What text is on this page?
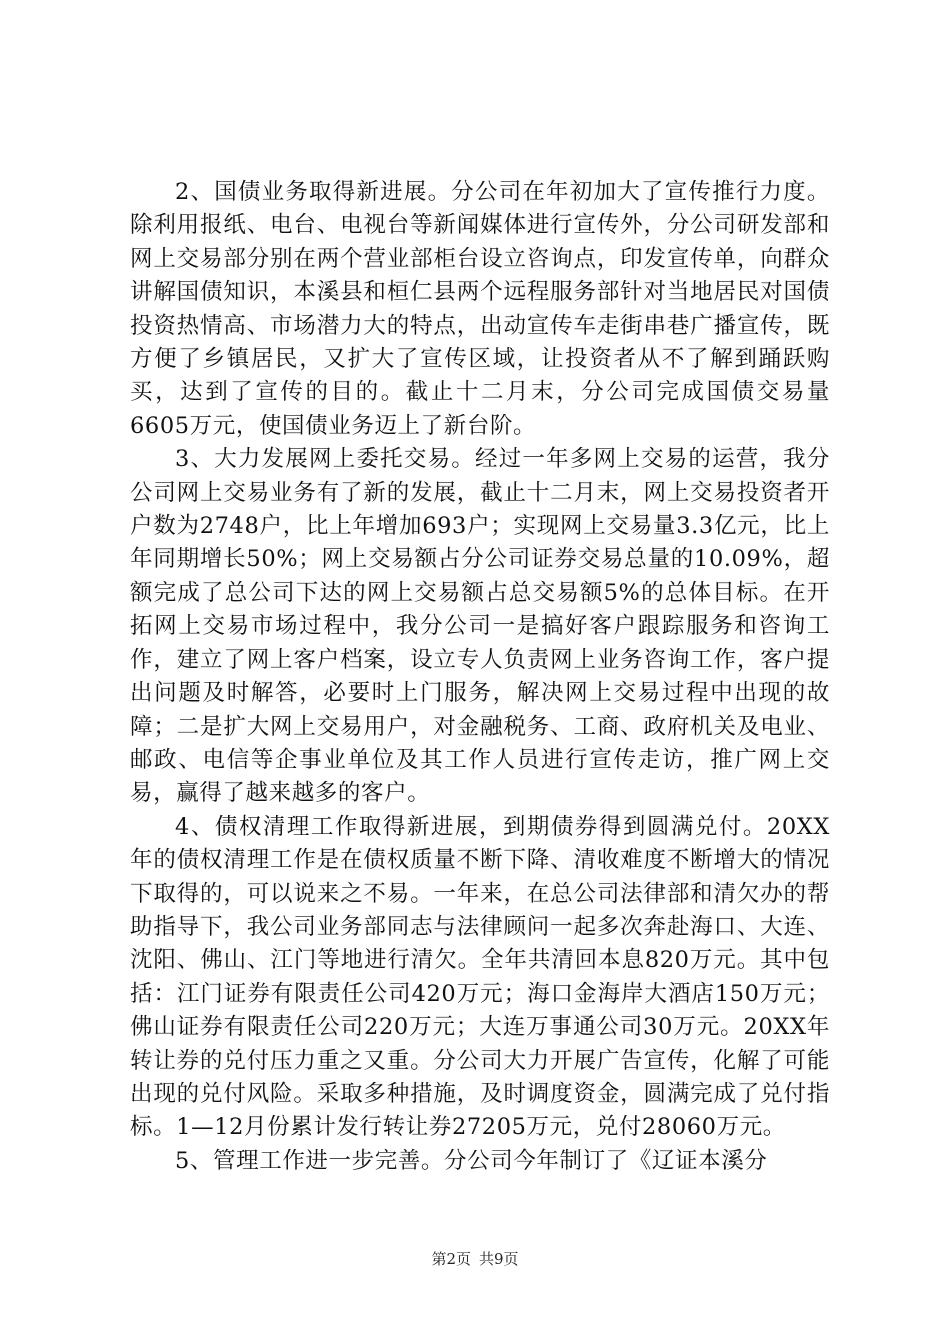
2、国债业务取得新进展。分公司在年初加大了宣传推行力度。除利用报纸、电台、电视台等新闻媒体进行宣传外，分公司研发部和网上交易部分别在两个营业部柜台设立咨询点，印发宣传单，向群众讲解国债知识，本溪县和桓仁县两个远程服务部针对当地居民对国债投资热情高、市场潜力大的特点，出动宣传车走街串巷广播宣传，既方便了乡镇居民，又扩大了宣传区域，让投资者从不了解到踊跃购买，达到了宣传的目的。截止十二月末，分公司完成国债交易量6605万元，使国债业务迈上了新台阶。

3、大力发展网上委托交易。经过一年多网上交易的运营，我分公司网上交易业务有了新的发展，截止十二月末，网上交易投资者开户数为2748户，比上年增加693户；实现网上交易量3.3亿元，比上年同期增长50%；网上交易额占分公司证券交易总量的10.09%，超额完成了总公司下达的网上交易额占总交易额5%的总体目标。在开拓网上交易市场过程中，我分公司一是搞好客户跟踪服务和咨询工作，建立了网上客户档案，设立专人负责网上业务咨询工作，客户提出问题及时解答，必要时上门服务，解决网上交易过程中出现的故障；二是扩大网上交易用户，对金融税务、工商、政府机关及电业、邮政、电信等企事业单位及其工作人员进行宣传走访，推广网上交易，赢得了越来越多的客户。

4、债权清理工作取得新进展，到期债券得到圆满兑付。20XX年的债权清理工作是在债权质量不断下降、清收难度不断增大的情况下取得的，可以说来之不易。一年来，在总公司法律部和清欠办的帮助指导下，我公司业务部同志与法律顾问一起多次奔赴海口、大连、沈阳、佛山、江门等地进行清欠。全年共清回本息820万元。其中包括：江门证券有限责任公司420万元；海口金海岸大酒店150万元；佛山证券有限责任公司220万元；大连万事通公司30万元。20XX年转让券的兑付压力重之又重。分公司大力开展广告宣传，化解了可能出现的兑付风险。采取多种措施，及时调度资金，圆满完成了兑付指标。1—12月份累计发行转让券27205万元，兑付28060万元。

5、管理工作进一步完善。分公司今年制订了《辽证本溪分

第2页 共9页
